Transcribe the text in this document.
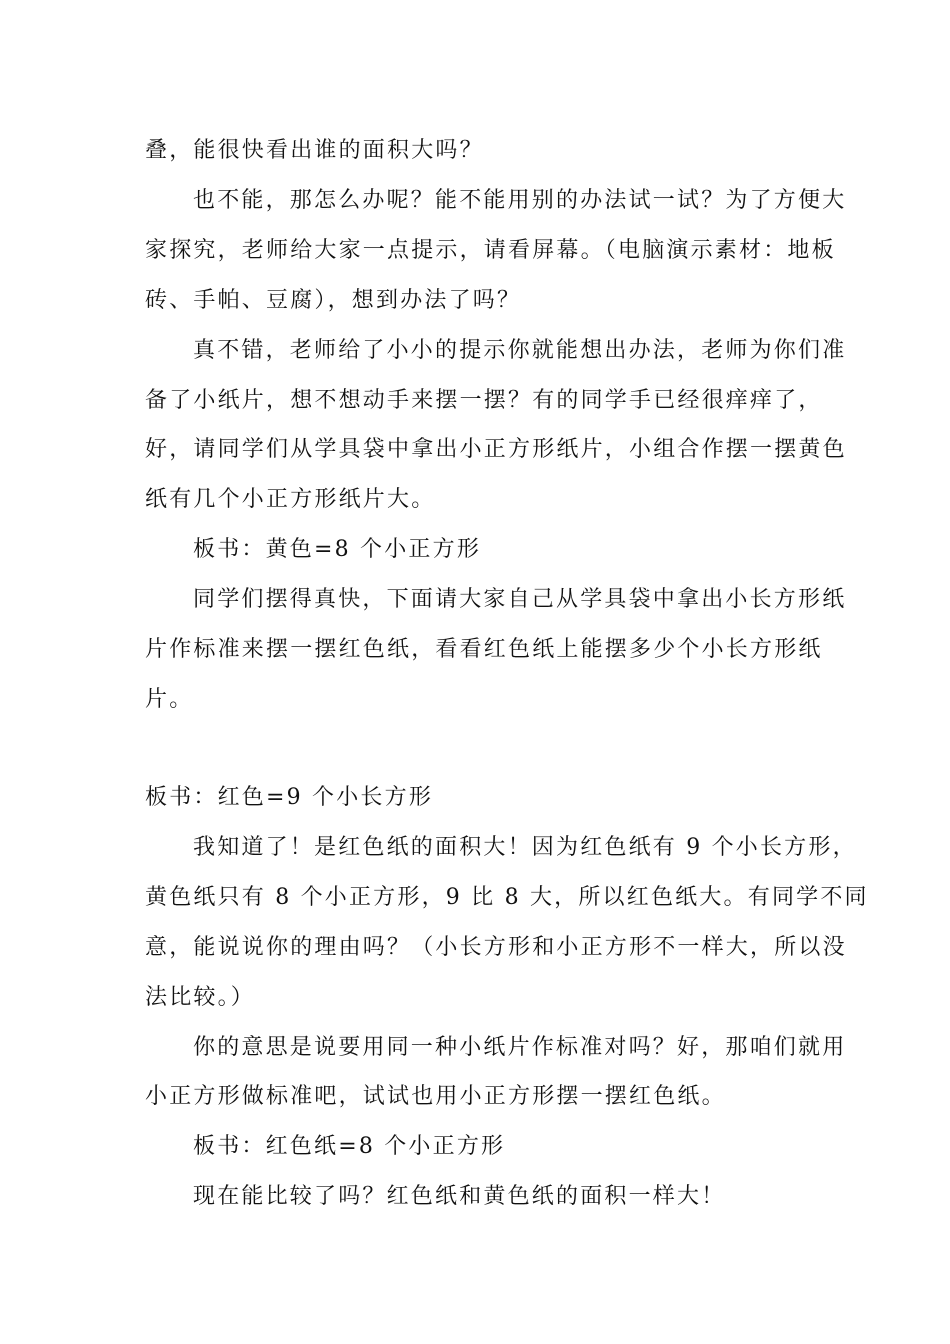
叠，能很快看出谁的面积大吗？
也不能，那怎么办呢？能不能用别的办法试一试？为了方便大
家探究，老师给大家一点提示，请看屏幕。（电脑演示素材：地板
砖、手帕、豆腐），想到办法了吗？
真不错，老师给了小小的提示你就能想出办法，老师为你们准
备了小纸片，想不想动手来摆一摆？有的同学手已经很痒痒了，
好，请同学们从学具袋中拿出小正方形纸片，小组合作摆一摆黄色
纸有几个小正方形纸片大。
板书：黄色=8 个小正方形
同学们摆得真快，下面请大家自己从学具袋中拿出小长方形纸
片作标准来摆一摆红色纸，看看红色纸上能摆多少个小长方形纸
片。
板书：红色=9 个小长方形
我知道了！是红色纸的面积大！因为红色纸有 9 个小长方形，
黄色纸只有 8 个小正方形，9 比 8 大，所以红色纸大。有同学不同
意，能说说你的理由吗？（小长方形和小正方形不一样大，所以没
法比较。）
你的意思是说要用同一种小纸片作标准对吗？好，那咱们就用
小正方形做标准吧，试试也用小正方形摆一摆红色纸。
板书：红色纸=8 个小正方形
现在能比较了吗？红色纸和黄色纸的面积一样大！
